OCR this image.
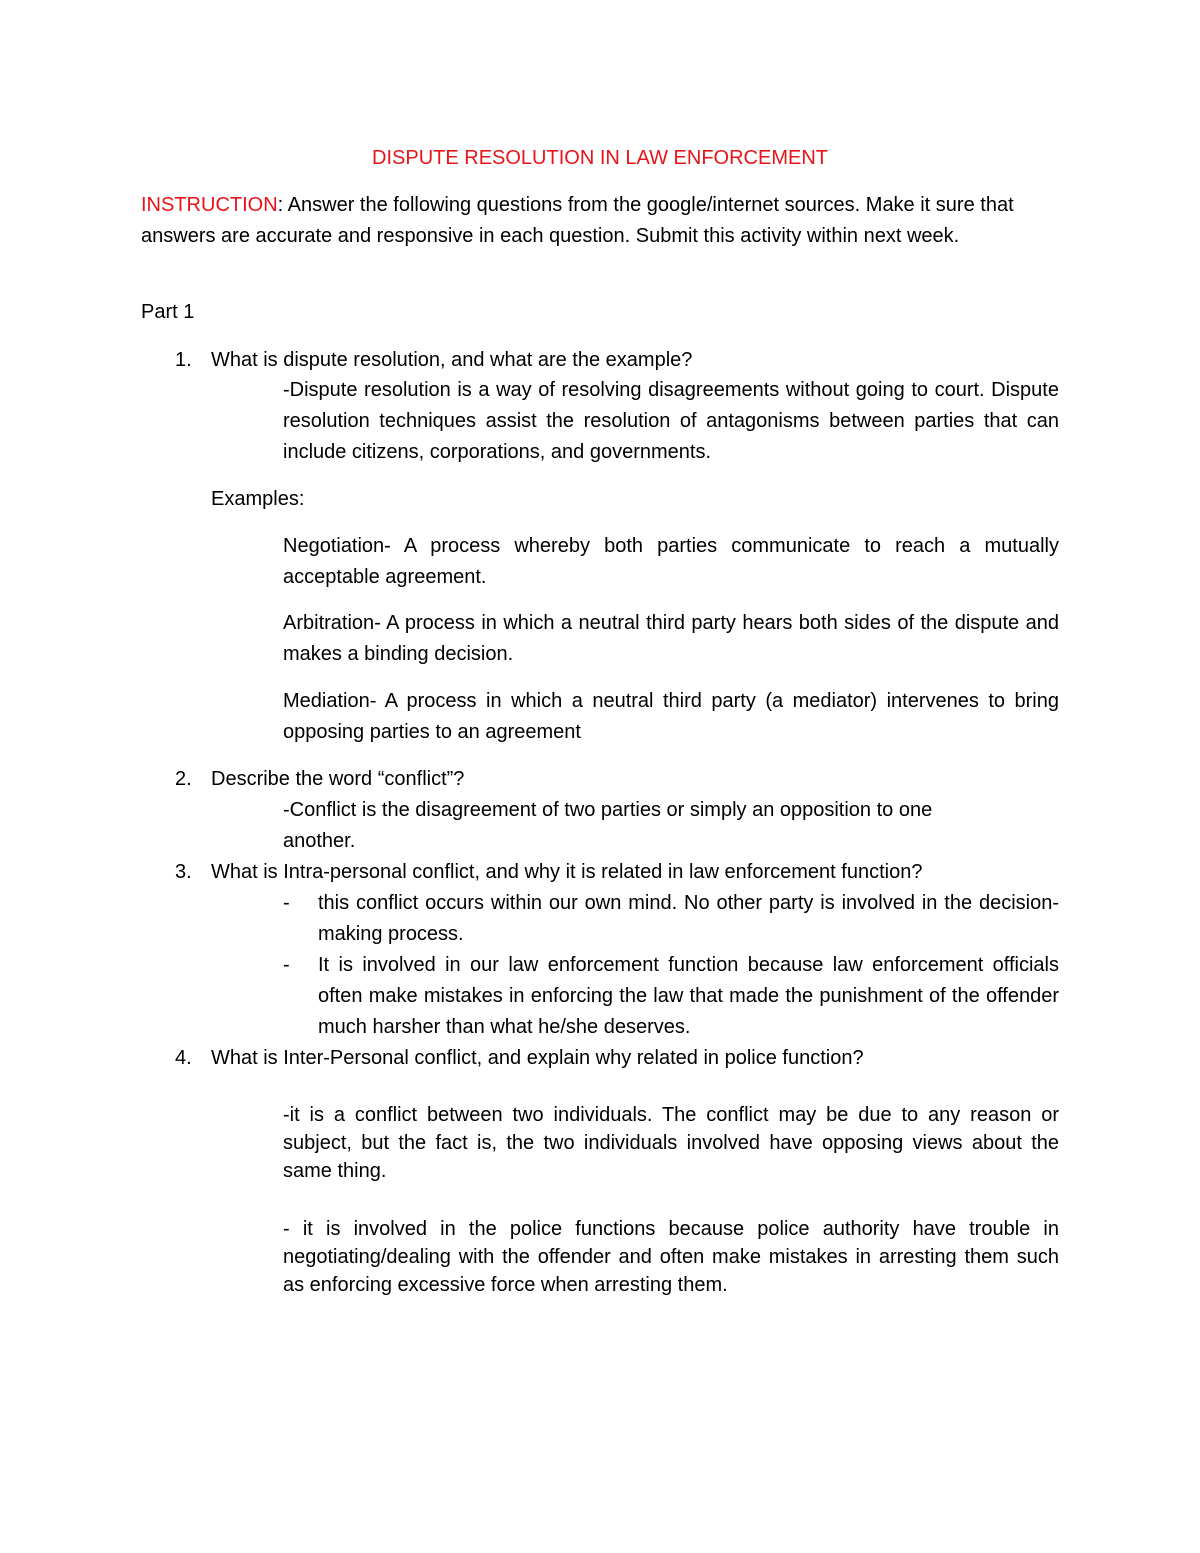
DISPUTE RESOLUTION IN LAW ENFORCEMENT
INSTRUCTION: Answer the following questions from the google/internet sources. Make it sure that answers are accurate and responsive in each question. Submit this activity within next week.
Part 1
1. What is dispute resolution, and what are the example?
-Dispute resolution is a way of resolving disagreements without going to court. Dispute resolution techniques assist the resolution of antagonisms between parties that can include citizens, corporations, and governments.
Examples:
Negotiation- A process whereby both parties communicate to reach a mutually acceptable agreement.
Arbitration- A process in which a neutral third party hears both sides of the dispute and makes a binding decision.
Mediation- A process in which a neutral third party (a mediator) intervenes to bring opposing parties to an agreement
2. Describe the word “conflict”?
-Conflict is the disagreement of two parties or simply an opposition to one another.
3. What is Intra-personal conflict, and why it is related in law enforcement function?
- this conflict occurs within our own mind. No other party is involved in the decision-making process.
- It is involved in our law enforcement function because law enforcement officials often make mistakes in enforcing the law that made the punishment of the offender much harsher than what he/she deserves.
4. What is Inter-Personal conflict, and explain why related in police function?
-it is a conflict between two individuals. The conflict may be due to any reason or subject, but the fact is, the two individuals involved have opposing views about the same thing.
- it is involved in the police functions because police authority have trouble in negotiating/dealing with the offender and often make mistakes in arresting them such as enforcing excessive force when arresting them.
